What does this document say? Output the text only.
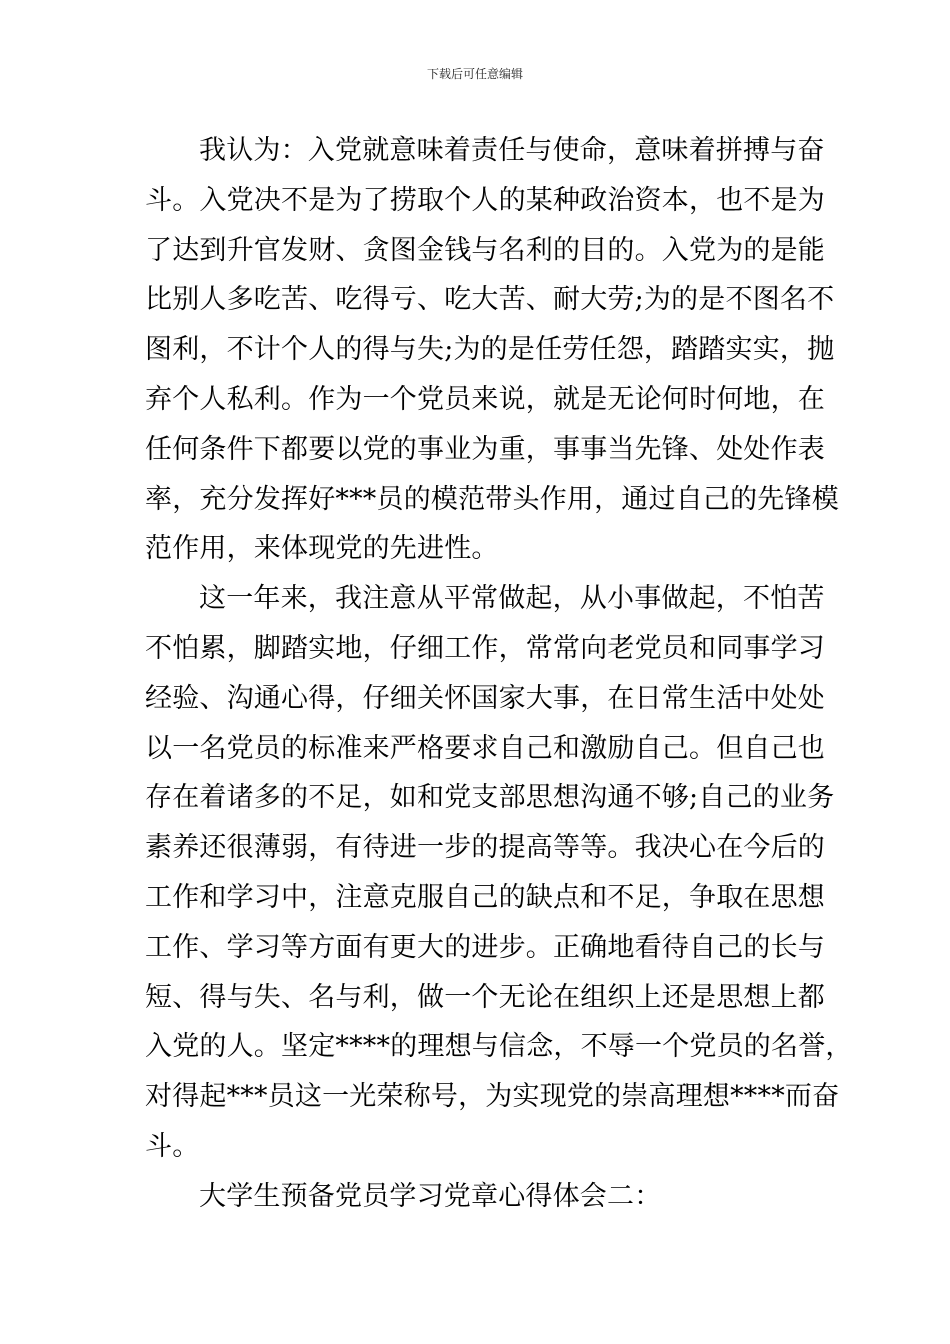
下载后可任意编辑
我认为：入党就意味着责任与使命，意味着拼搏与奋
斗。入党决不是为了捞取个人的某种政治资本，也不是为
了达到升官发财、贪图金钱与名利的目的。入党为的是能
比别人多吃苦、吃得亏、吃大苦、耐大劳;为的是不图名不
图利，不计个人的得与失;为的是任劳任怨，踏踏实实，抛
弃个人私利。作为一个党员来说，就是无论何时何地，在
任何条件下都要以党的事业为重，事事当先锋、处处作表
率，充分发挥好***员的模范带头作用，通过自己的先锋模
范作用，来体现党的先进性。
这一年来，我注意从平常做起，从小事做起，不怕苦
不怕累，脚踏实地，仔细工作，常常向老党员和同事学习
经验、沟通心得，仔细关怀国家大事，在日常生活中处处
以一名党员的标准来严格要求自己和激励自己。但自己也
存在着诸多的不足，如和党支部思想沟通不够;自己的业务
素养还很薄弱，有待进一步的提高等等。我决心在今后的
工作和学习中，注意克服自己的缺点和不足，争取在思想
工作、学习等方面有更大的进步。正确地看待自己的长与
短、得与失、名与利，做一个无论在组织上还是思想上都
入党的人。坚定****的理想与信念，不辱一个党员的名誉，
对得起***员这一光荣称号，为实现党的崇高理想****而奋
斗。
大学生预备党员学习党章心得体会二：
